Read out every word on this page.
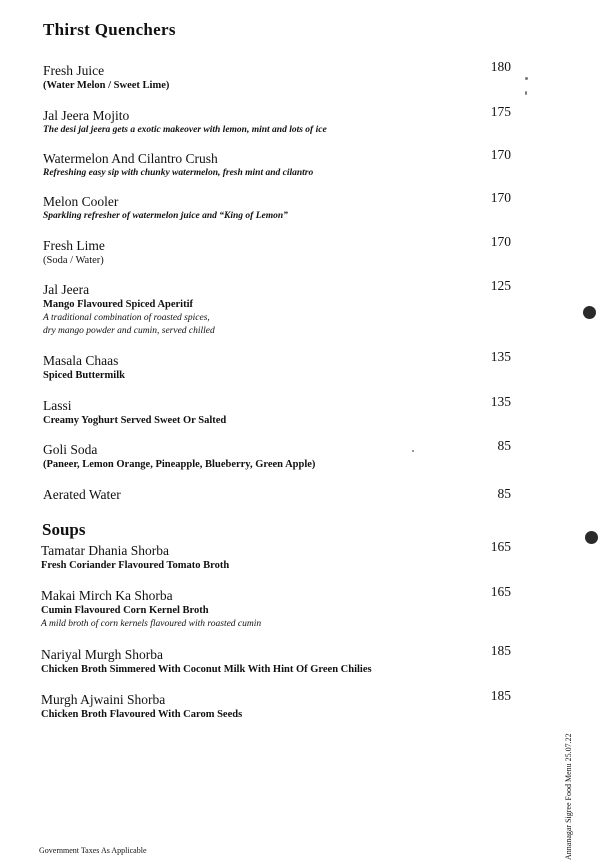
Thirst Quenchers
Fresh Juice	180
(Water Melon / Sweet Lime)
Jal Jeera Mojito	175
The desi jal jeera gets a exotic makeover with lemon, mint and lots of ice
Watermelon And Cilantro Crush	170
Refreshing easy sip with chunky watermelon, fresh mint and cilantro
Melon Cooler	170
Sparkling refresher of watermelon juice and “King of Lemon”
Fresh Lime	170
(Soda / Water)
Jal Jeera	125
Mango Flavoured Spiced Aperitif
A traditional combination of roasted spices,
dry mango powder and cumin, served chilled
Masala Chaas	135
Spiced Buttermilk
Lassi	135
Creamy Yoghurt Served Sweet Or Salted
Goli Soda	85
(Paneer, Lemon Orange, Pineapple, Blueberry, Green Apple)
Aerated Water	85
Soups
Tamatar Dhania Shorba	165
Fresh Coriander Flavoured Tomato Broth
Makai Mirch Ka Shorba	165
Cumin Flavoured Corn Kernel Broth
A mild broth of corn kernels flavoured with roasted cumin
Nariyal Murgh Shorba	185
Chicken Broth Simmered With Coconut Milk With Hint Of Green Chilies
Murgh Ajwaini Shorba	185
Chicken Broth Flavoured With Carom Seeds
Government Taxes As Applicable	Annanagar Sigree Food Menu 25.07.22
